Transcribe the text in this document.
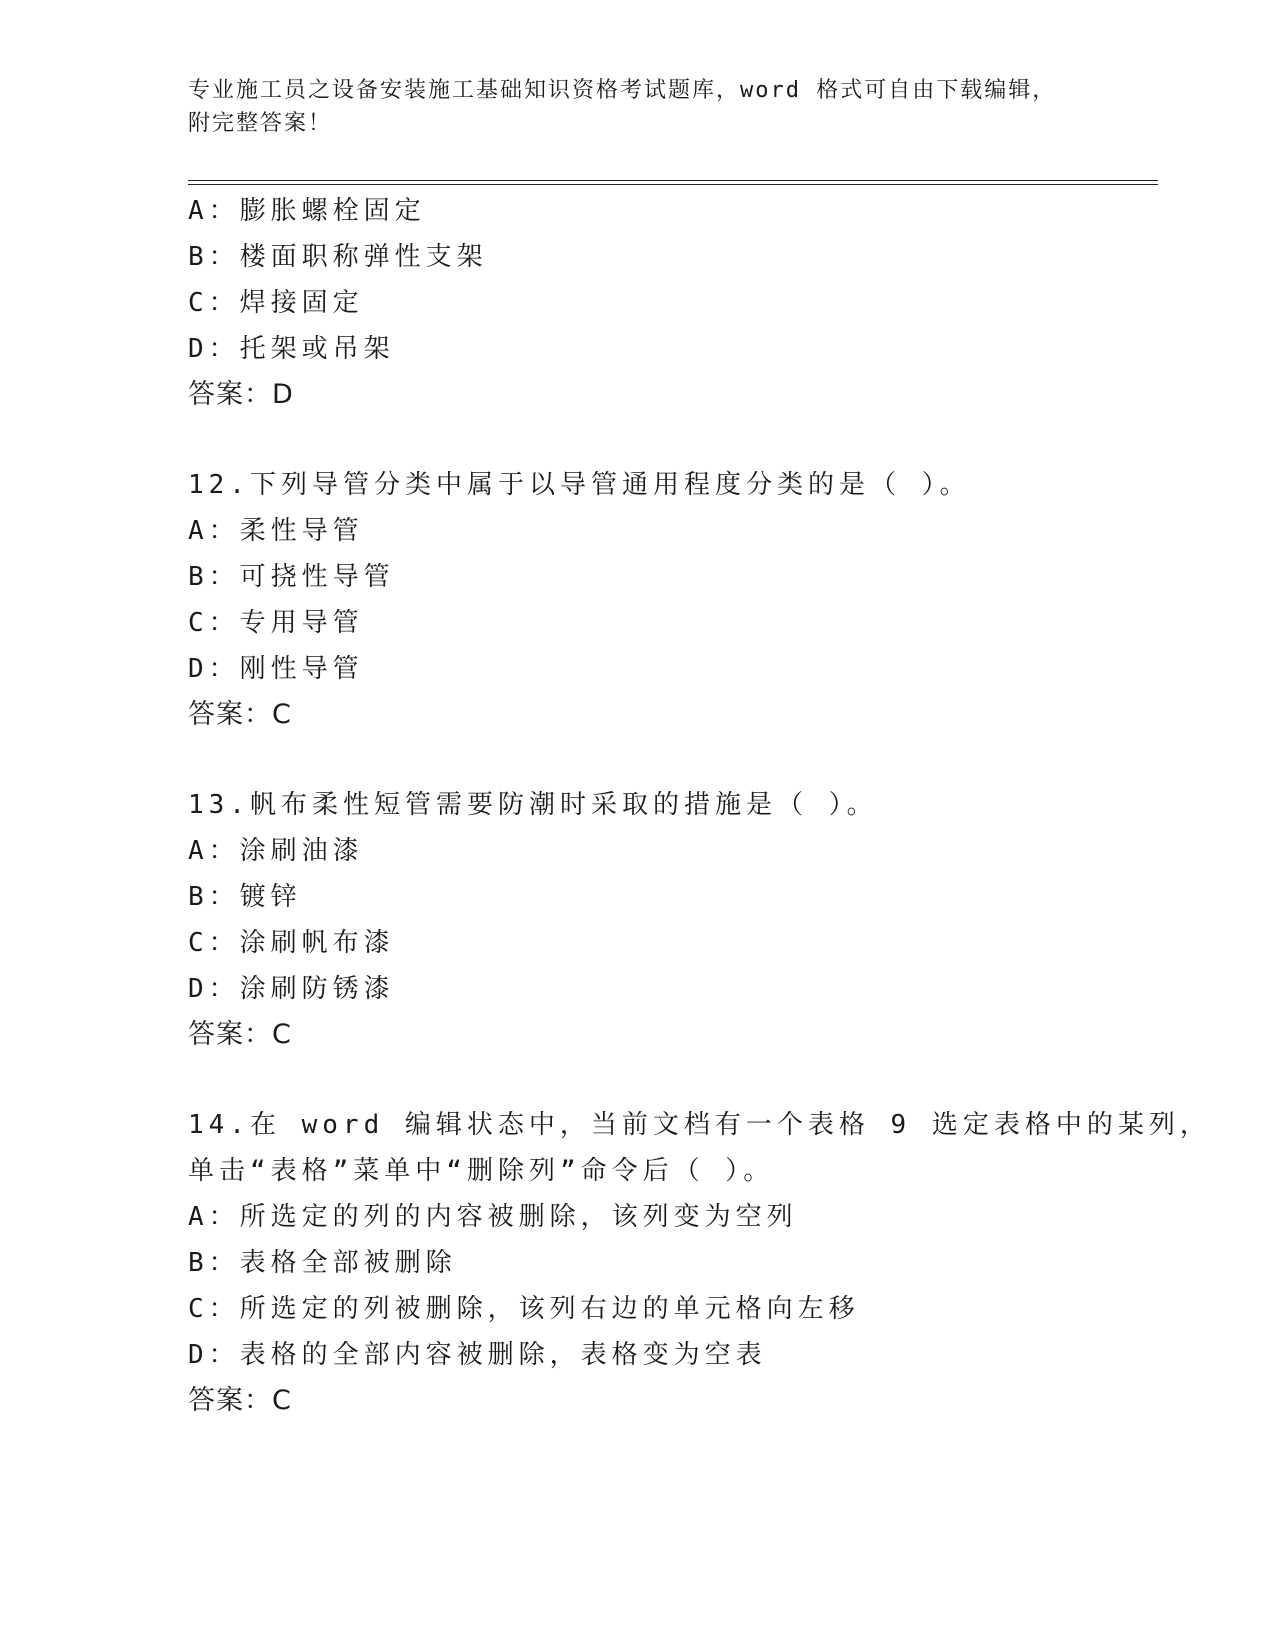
专业施工员之设备安装施工基础知识资格考试题库，word 格式可自由下载编辑，
附完整答案！
A：膨胀螺栓固定
B：楼面职称弹性支架
C：焊接固定
D：托架或吊架
答案：D
12.下列导管分类中属于以导管通用程度分类的是（ ）。
A：柔性导管
B：可挠性导管
C：专用导管
D：刚性导管
答案：C
13.帆布柔性短管需要防潮时采取的措施是（ ）。
A：涂刷油漆
B：镀锌
C：涂刷帆布漆
D：涂刷防锈漆
答案：C
14.在 word 编辑状态中，当前文档有一个表格 9 选定表格中的某列，
单击“表格”菜单中“删除列”命令后（ ）。
A：所选定的列的内容被删除，该列变为空列
B：表格全部被删除
C：所选定的列被删除，该列右边的单元格向左移
D：表格的全部内容被删除，表格变为空表
答案：C
